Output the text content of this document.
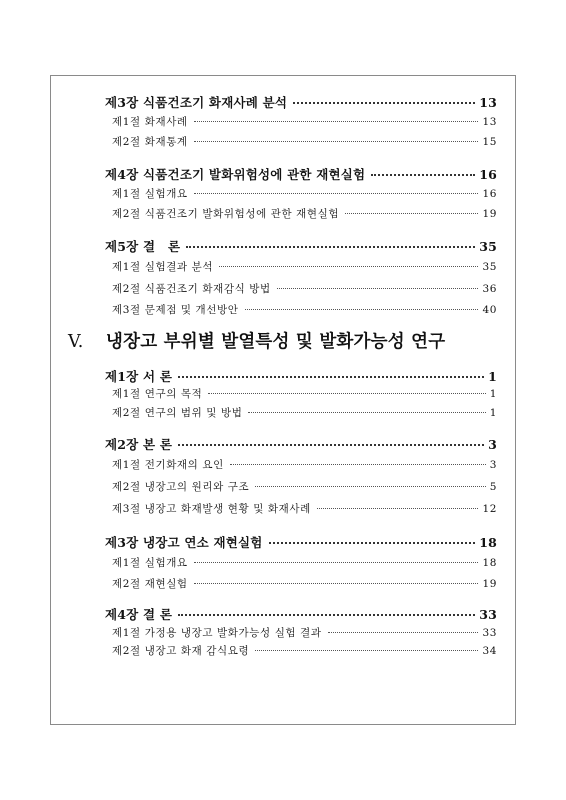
제3장 식품건조기 화재사례 분석	13
제1절 화재사례	13
제2절 화재통계	15
제4장 식품건조기 발화위험성에 관한 재현실험	16
제1절 실험개요	16
제2절 식품건조기 발화위험성에 관한 재현실험	19
제5장 결　론	35
제1절 실험결과 분석	35
제2절 식품건조기 화재감식 방법	36
제3절 문제점 및 개선방안	40
V. 냉장고 부위별 발열특성 및 발화가능성 연구
제1장 서 론	1
제1절 연구의 목적	1
제2절 연구의 범위 및 방법	1
제2장 본 론	3
제1절 전기화재의 요인	3
제2절 냉장고의 원리와 구조	5
제3절 냉장고 화재발생 현황 및 화재사례	12
제3장 냉장고 연소 재현실험	18
제1절 실험개요	18
제2절 재현실험	19
제4장 결 론	33
제1절 가정용 냉장고 발화가능성 실험 결과	33
제2절 냉장고 화재 감식요령	34
